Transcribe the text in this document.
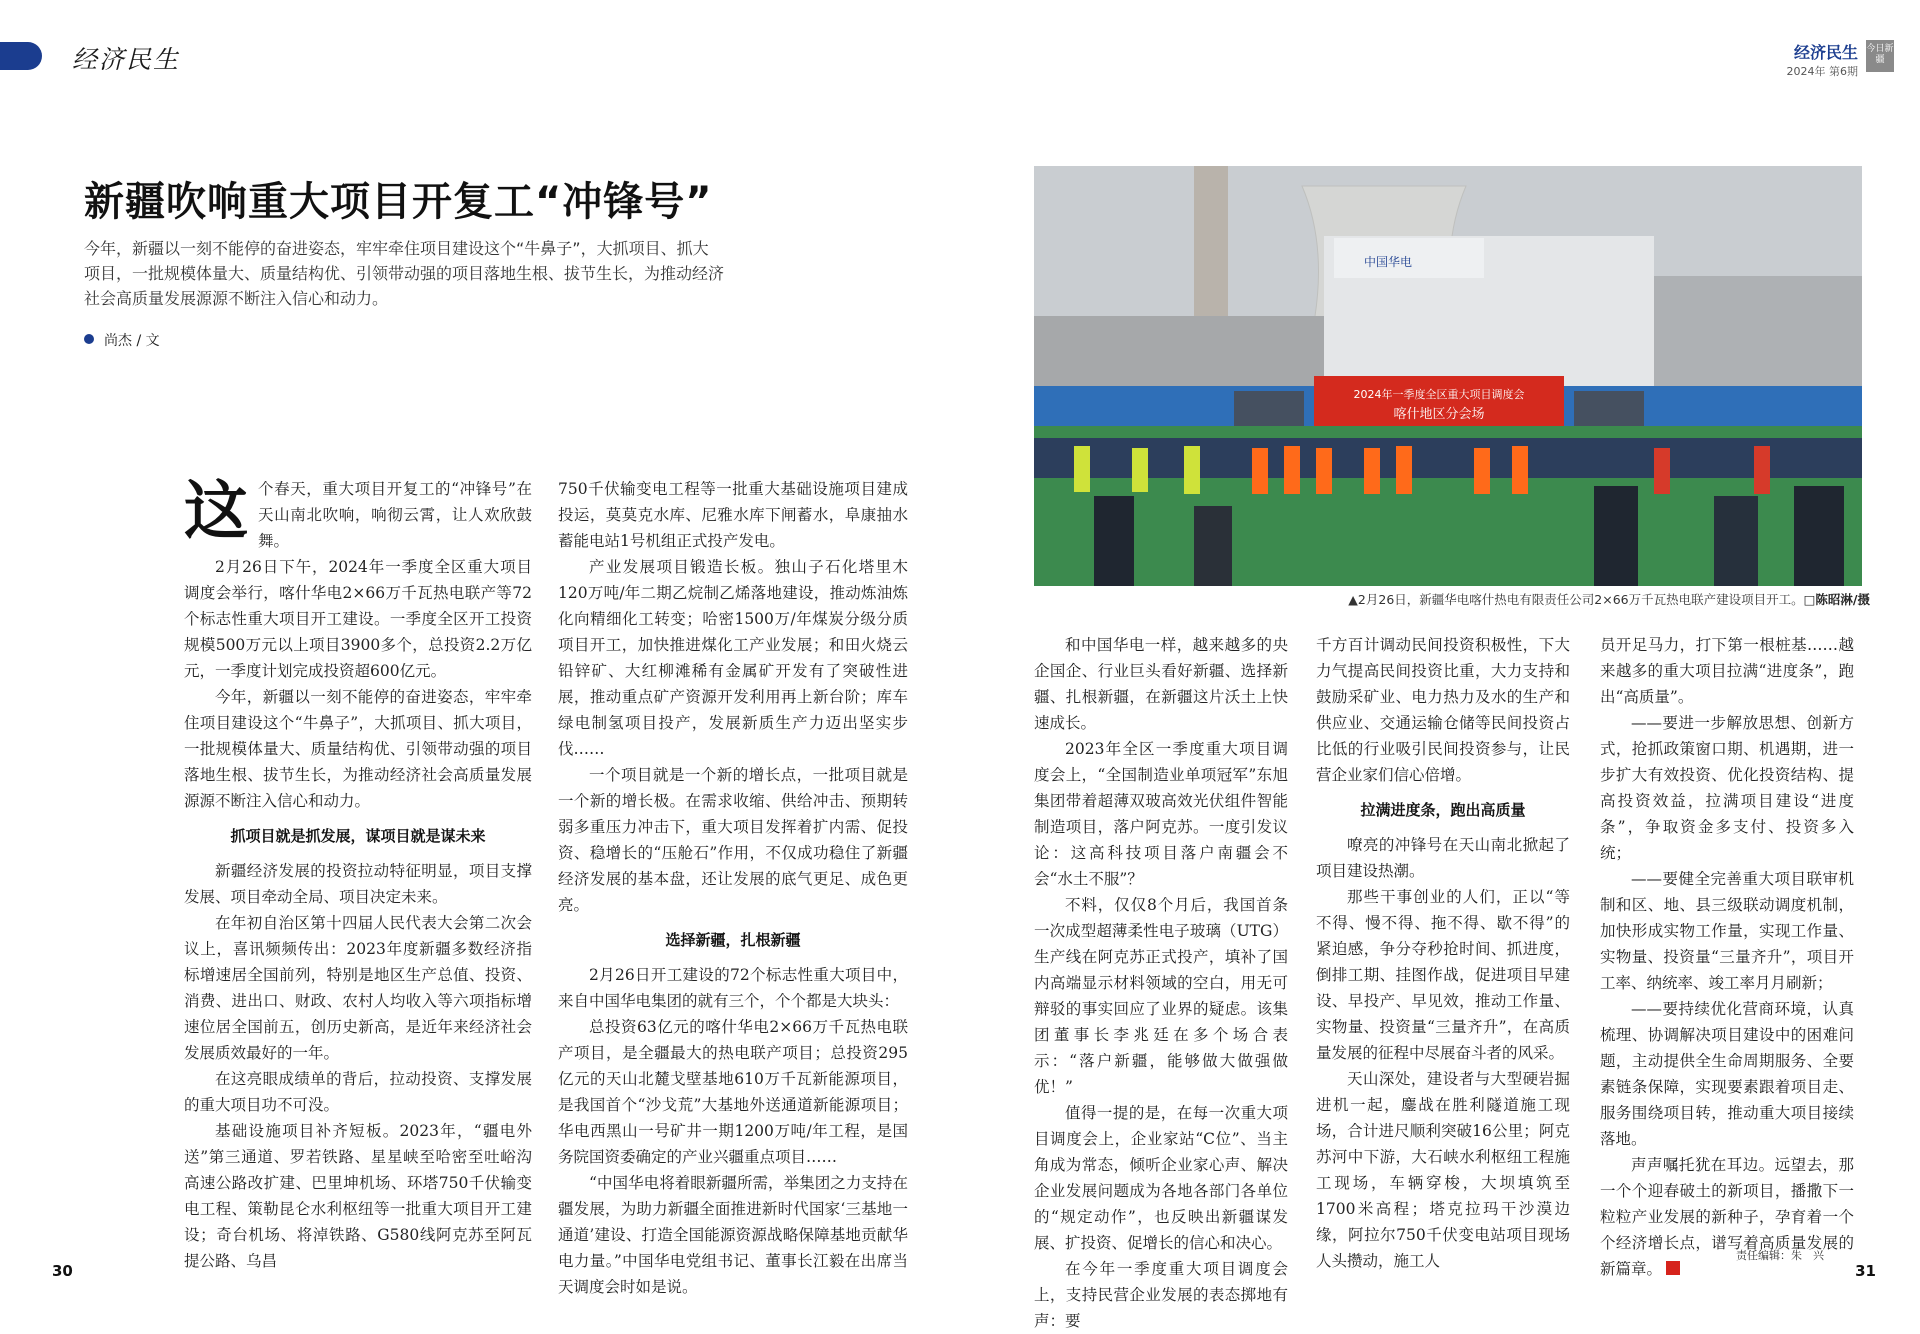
经济民生	经济民生
2024年 第6期
今日新疆
新疆吹响重大项目开复工“冲锋号”
今年，新疆以一刻不能停的奋进姿态，牢牢牵住项目建设这个“牛鼻子”，大抓项目、抓大项目，一批规模体量大、质量结构优、引领带动强的项目落地生根、拔节生长，为推动经济社会高质量发展源源不断注入信心和动力。
尚杰 / 文

这个春天，重大项目开复工的“冲锋号”在天山南北吹响，响彻云霄，让人欢欣鼓舞。

2月26日下午，2024年一季度全区重大项目调度会举行，喀什华电2×66万千瓦热电联产等72个标志性重大项目开工建设。一季度全区开工投资规模500万元以上项目3900多个，总投资2.2万亿元，一季度计划完成投资超600亿元。

今年，新疆以一刻不能停的奋进姿态，牢牢牵住项目建设这个“牛鼻子”，大抓项目、抓大项目，一批规模体量大、质量结构优、引领带动强的项目落地生根、拔节生长，为推动经济社会高质量发展源源不断注入信心和动力。

抓项目就是抓发展，谋项目就是谋未来

新疆经济发展的投资拉动特征明显，项目支撑发展、项目牵动全局、项目决定未来。

在年初自治区第十四届人民代表大会第二次会议上，喜讯频频传出：2023年度新疆多数经济指标增速居全国前列，特别是地区生产总值、投资、消费、进出口、财政、农村人均收入等六项指标增速位居全国前五，创历史新高，是近年来经济社会发展质效最好的一年。

在这亮眼成绩单的背后，拉动投资、支撑发展的重大项目功不可没。

基础设施项目补齐短板。2023年，“疆电外送”第三通道、罗若铁路、星星峡至哈密至吐峪沟高速公路改扩建、巴里坤机场、环塔750千伏输变电工程、策勒昆仑水利枢纽等一批重大项目开工建设；奇台机场、将淖铁路、G580线阿克苏至阿瓦提公路、乌昌

750千伏输变电工程等一批重大基础设施项目建成投运，莫莫克水库、尼雅水库下闸蓄水，阜康抽水蓄能电站1号机组正式投产发电。

产业发展项目锻造长板。独山子石化塔里木120万吨/年二期乙烷制乙烯落地建设，推动炼油炼化向精细化工转变；哈密1500万/年煤炭分级分质项目开工，加快推进煤化工产业发展；和田火烧云铅锌矿、大红柳滩稀有金属矿开发有了突破性进展，推动重点矿产资源开发利用再上新台阶；库车绿电制氢项目投产，发展新质生产力迈出坚实步伐……

一个项目就是一个新的增长点，一批项目就是一个新的增长极。在需求收缩、供给冲击、预期转弱多重压力冲击下，重大项目发挥着扩内需、促投资、稳增长的“压舱石”作用，不仅成功稳住了新疆经济发展的基本盘，还让发展的底气更足、成色更亮。

选择新疆，扎根新疆

2月26日开工建设的72个标志性重大项目中，来自中国华电集团的就有三个，个个都是大块头：

总投资63亿元的喀什华电2×66万千瓦热电联产项目，是全疆最大的热电联产项目；总投资295亿元的天山北麓戈壁基地610万千瓦新能源项目，是我国首个“沙戈荒”大基地外送通道新能源项目；华电西黑山一号矿井一期1200万吨/年工程，是国务院国资委确定的产业兴疆重点项目……

“中国华电将着眼新疆所需，举集团之力支持在疆发展，为助力新疆全面推进新时代国家‘三基地一通道’建设、打造全国能源资源战略保障基地贡献华电力量。”中国华电党组书记、董事长江毅在出席当天调度会时如是说。

中国华电
2024年一季度全区重大项目调度会
喀什地区分会场
▲2月26日，新疆华电喀什热电有限责任公司2×66万千瓦热电联产建设项目开工。□陈昭淋/摄

和中国华电一样，越来越多的央企国企、行业巨头看好新疆、选择新疆、扎根新疆，在新疆这片沃土上快速成长。

2023年全区一季度重大项目调度会上，“全国制造业单项冠军”东旭集团带着超薄双玻高效光伏组件智能制造项目，落户阿克苏。一度引发议论：这高科技项目落户南疆会不会“水土不服”？

不料，仅仅8个月后，我国首条一次成型超薄柔性电子玻璃（UTG）生产线在阿克苏正式投产，填补了国内高端显示材料领域的空白，用无可辩驳的事实回应了业界的疑虑。该集团董事长李兆廷在多个场合表示：“落户新疆，能够做大做强做优！”

值得一提的是，在每一次重大项目调度会上，企业家站“C位”、当主角成为常态，倾听企业家心声、解决企业发展问题成为各地各部门各单位的“规定动作”，也反映出新疆谋发展、扩投资、促增长的信心和决心。

在今年一季度重大项目调度会上，支持民营企业发展的表态掷地有声：要

千方百计调动民间投资积极性，下大力气提高民间投资比重，大力支持和鼓励采矿业、电力热力及水的生产和供应业、交通运输仓储等民间投资占比低的行业吸引民间投资参与，让民营企业家们信心倍增。

拉满进度条，跑出高质量

嘹亮的冲锋号在天山南北掀起了项目建设热潮。

那些干事创业的人们，正以“等不得、慢不得、拖不得、歇不得”的紧迫感，争分夺秒抢时间、抓进度，倒排工期、挂图作战，促进项目早建设、早投产、早见效，推动工作量、实物量、投资量“三量齐升”，在高质量发展的征程中尽展奋斗者的风采。

天山深处，建设者与大型硬岩掘进机一起，鏖战在胜利隧道施工现场，合计进尺顺利突破16公里；阿克苏河中下游，大石峡水利枢纽工程施工现场，车辆穿梭，大坝填筑至1700米高程；塔克拉玛干沙漠边缘，阿拉尔750千伏变电站项目现场人头攒动，施工人

员开足马力，打下第一根桩基……越来越多的重大项目拉满“进度条”，跑出“高质量”。

——要进一步解放思想、创新方式，抢抓政策窗口期、机遇期，进一步扩大有效投资、优化投资结构、提高投资效益，拉满项目建设“进度条”，争取资金多支付、投资多入统；

——要健全完善重大项目联审机制和区、地、县三级联动调度机制，加快形成实物工作量，实现工作量、实物量、投资量“三量齐升”，项目开工率、纳统率、竣工率月月刷新；

——要持续优化营商环境，认真梳理、协调解决项目建设中的困难问题，主动提供全生命周期服务、全要素链条保障，实现要素跟着项目走、服务围绕项目转，推动重大项目接续落地。

声声嘱托犹在耳边。远望去，那一个个迎春破土的新项目，播撒下一粒粒产业发展的新种子，孕育着一个个经济增长点，谱写着高质量发展的新篇章。

30	31
责任编辑：朱　兴
